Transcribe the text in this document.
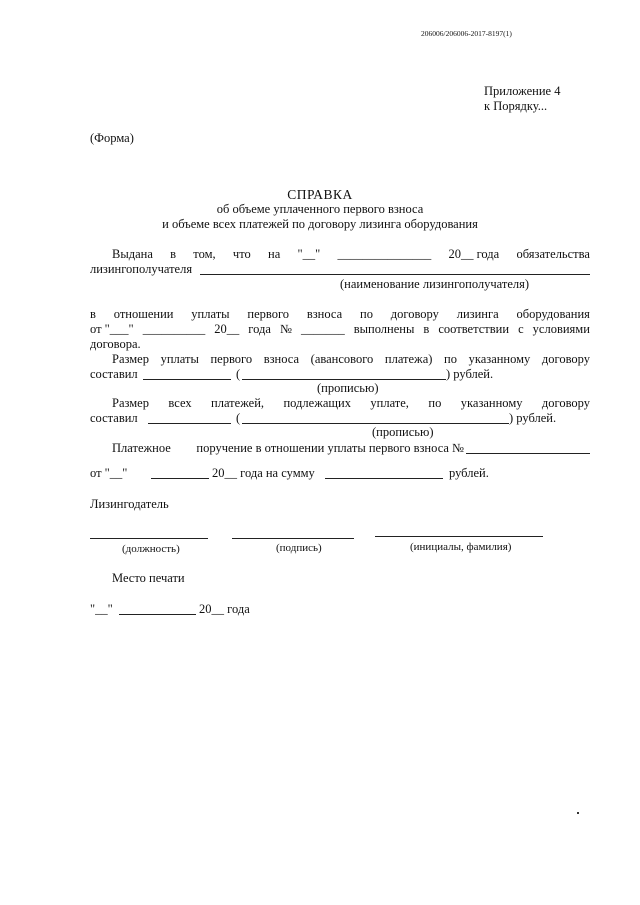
206006/206006-2017-8197(1)
Приложение 4
к Порядку...
(Форма)
СПРАВКА
об объеме уплаченного первого взноса
и объеме всех платежей по договору лизинга оборудования
Выдана в том, что на "__" _______________ 20__ года обязательства
лизингополучателя
(наименование лизингополучателя)
в отношении уплаты первого взноса по договору лизинга оборудования
от "___" __________ 20__ года № _______ выполнены в соответствии с условиями
договора.
Размер уплаты первого взноса (авансового платежа) по указанному договору
составил	(	) рублей.
(прописью)
Размер всех платежей, подлежащих уплате, по указанному договору
составил	(	) рублей.
(прописью)
Платежное поручение в отношении уплаты первого взноса №
от "__"	20__ года на сумму	рублей.
Лизингодатель
(должность)	(подпись)	(инициалы, фамилия)
Место печати
"__"	20__ года
